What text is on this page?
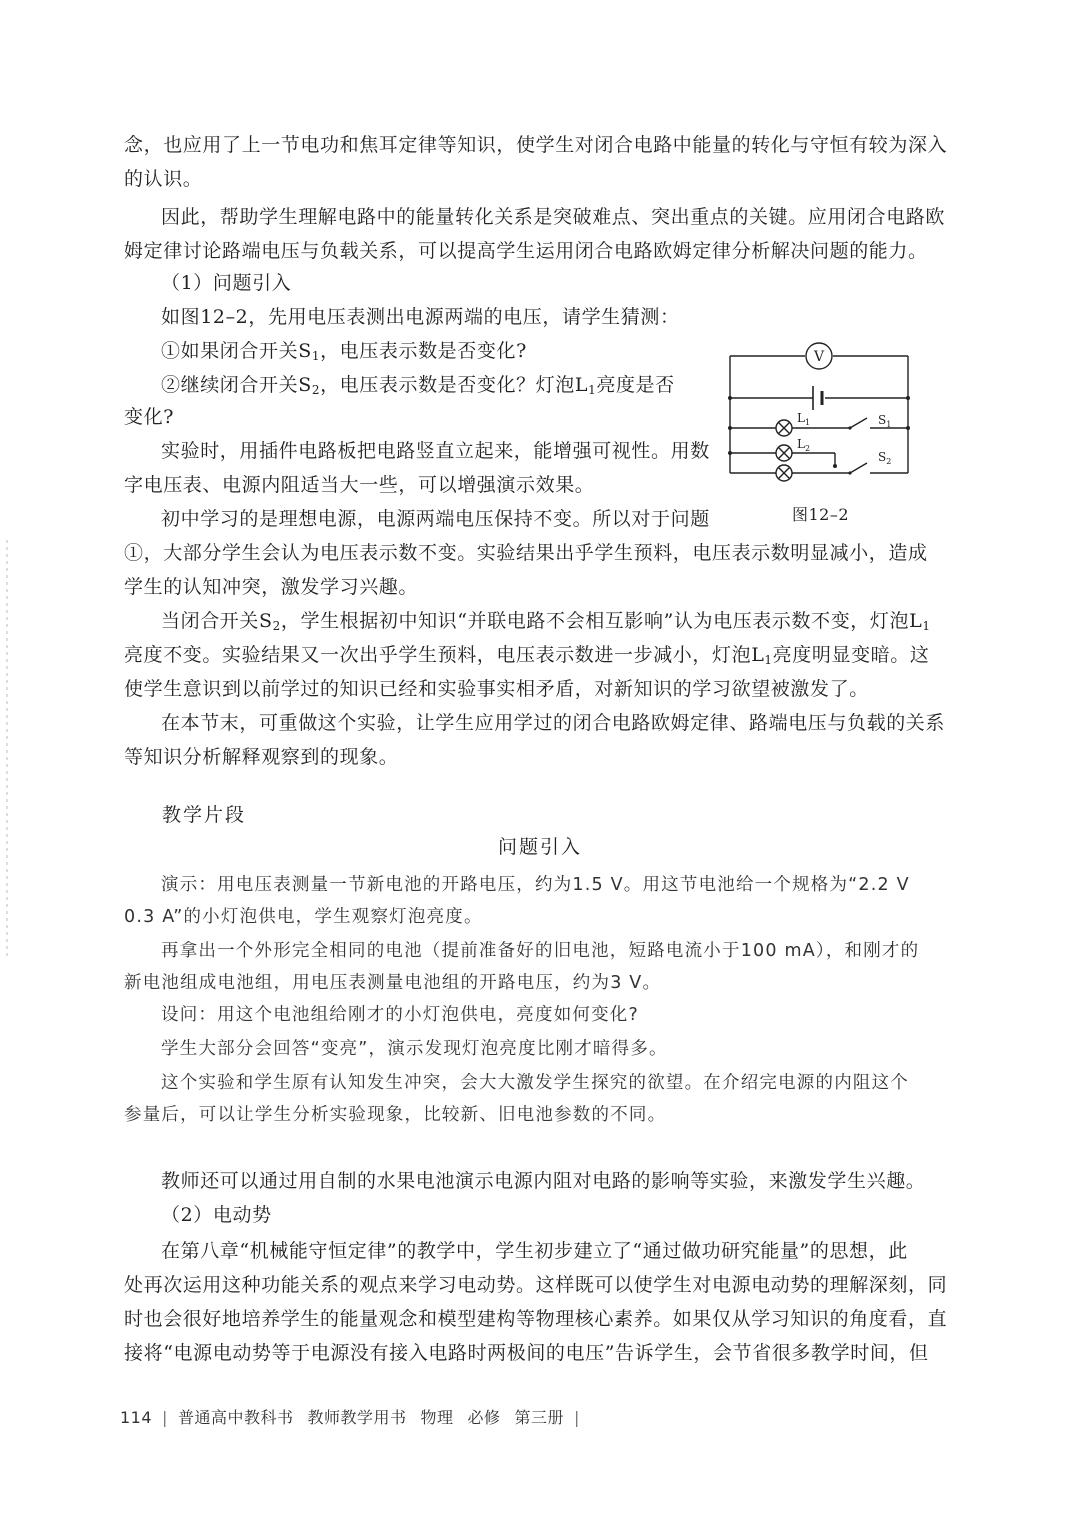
念，也应用了上一节电功和焦耳定律等知识，使学生对闭合电路中能量的转化与守恒有较为深入
的认识。
因此，帮助学生理解电路中的能量转化关系是突破难点、突出重点的关键。应用闭合电路欧
姆定律讨论路端电压与负载关系，可以提高学生运用闭合电路欧姆定律分析解决问题的能力。
（1）问题引入
如图12–2，先用电压表测出电源两端的电压，请学生猜测：
①如果闭合开关$S_1$，电压表示数是否变化?
②继续闭合开关$S_2$，电压表示数是否变化？灯泡$L_1$亮度是否
变化?
实验时，用插件电路板把电路竖直立起来，能增强可视性。用数
字电压表、电源内阻适当大一些，可以增强演示效果。
初中学习的是理想电源，电源两端电压保持不变。所以对于问题
①，大部分学生会认为电压表示数不变。实验结果出乎学生预料，电压表示数明显减小，造成
学生的认知冲突，激发学习兴趣。
当闭合开关$S_2$，学生根据初中知识“并联电路不会相互影响”认为电压表示数不变，灯泡$L_1$
亮度不变。实验结果又一次出乎学生预料，电压表示数进一步减小，灯泡$L_1$亮度明显变暗。这
使学生意识到以前学过的知识已经和实验事实相矛盾，对新知识的学习欲望被激发了。
在本节末，可重做这个实验，让学生应用学过的闭合电路欧姆定律、路端电压与负载的关系
等知识分析解释观察到的现象。
V
$L_1$
$L_2$
$S_1$
$S_2$
图12–2
教学片段
问题引入
演示：用电压表测量一节新电池的开路电压，约为1.5 V。用这节电池给一个规格为“2.2 V
0.3 A”的小灯泡供电，学生观察灯泡亮度。
再拿出一个外形完全相同的电池（提前准备好的旧电池，短路电流小于100 mA），和刚才的
新电池组成电池组，用电压表测量电池组的开路电压，约为3 V。
设问：用这个电池组给刚才的小灯泡供电，亮度如何变化?
学生大部分会回答“变亮”，演示发现灯泡亮度比刚才暗得多。
这个实验和学生原有认知发生冲突，会大大激发学生探究的欲望。在介绍完电源的内阻这个
参量后，可以让学生分析实验现象，比较新、旧电池参数的不同。
教师还可以通过用自制的水果电池演示电源内阻对电路的影响等实验，来激发学生兴趣。
（2）电动势
在第八章“机械能守恒定律”的教学中，学生初步建立了“通过做功研究能量”的思想，此
处再次运用这种功能关系的观点来学习电动势。这样既可以使学生对电源电动势的理解深刻，同
时也会很好地培养学生的能量观念和模型建构等物理核心素养。如果仅从学习知识的角度看，直
接将“电源电动势等于电源没有接入电路时两极间的电压”告诉学生，会节省很多教学时间，但
114 | 普通高中教科书 教师教学用书 物理 必修 第三册 |
